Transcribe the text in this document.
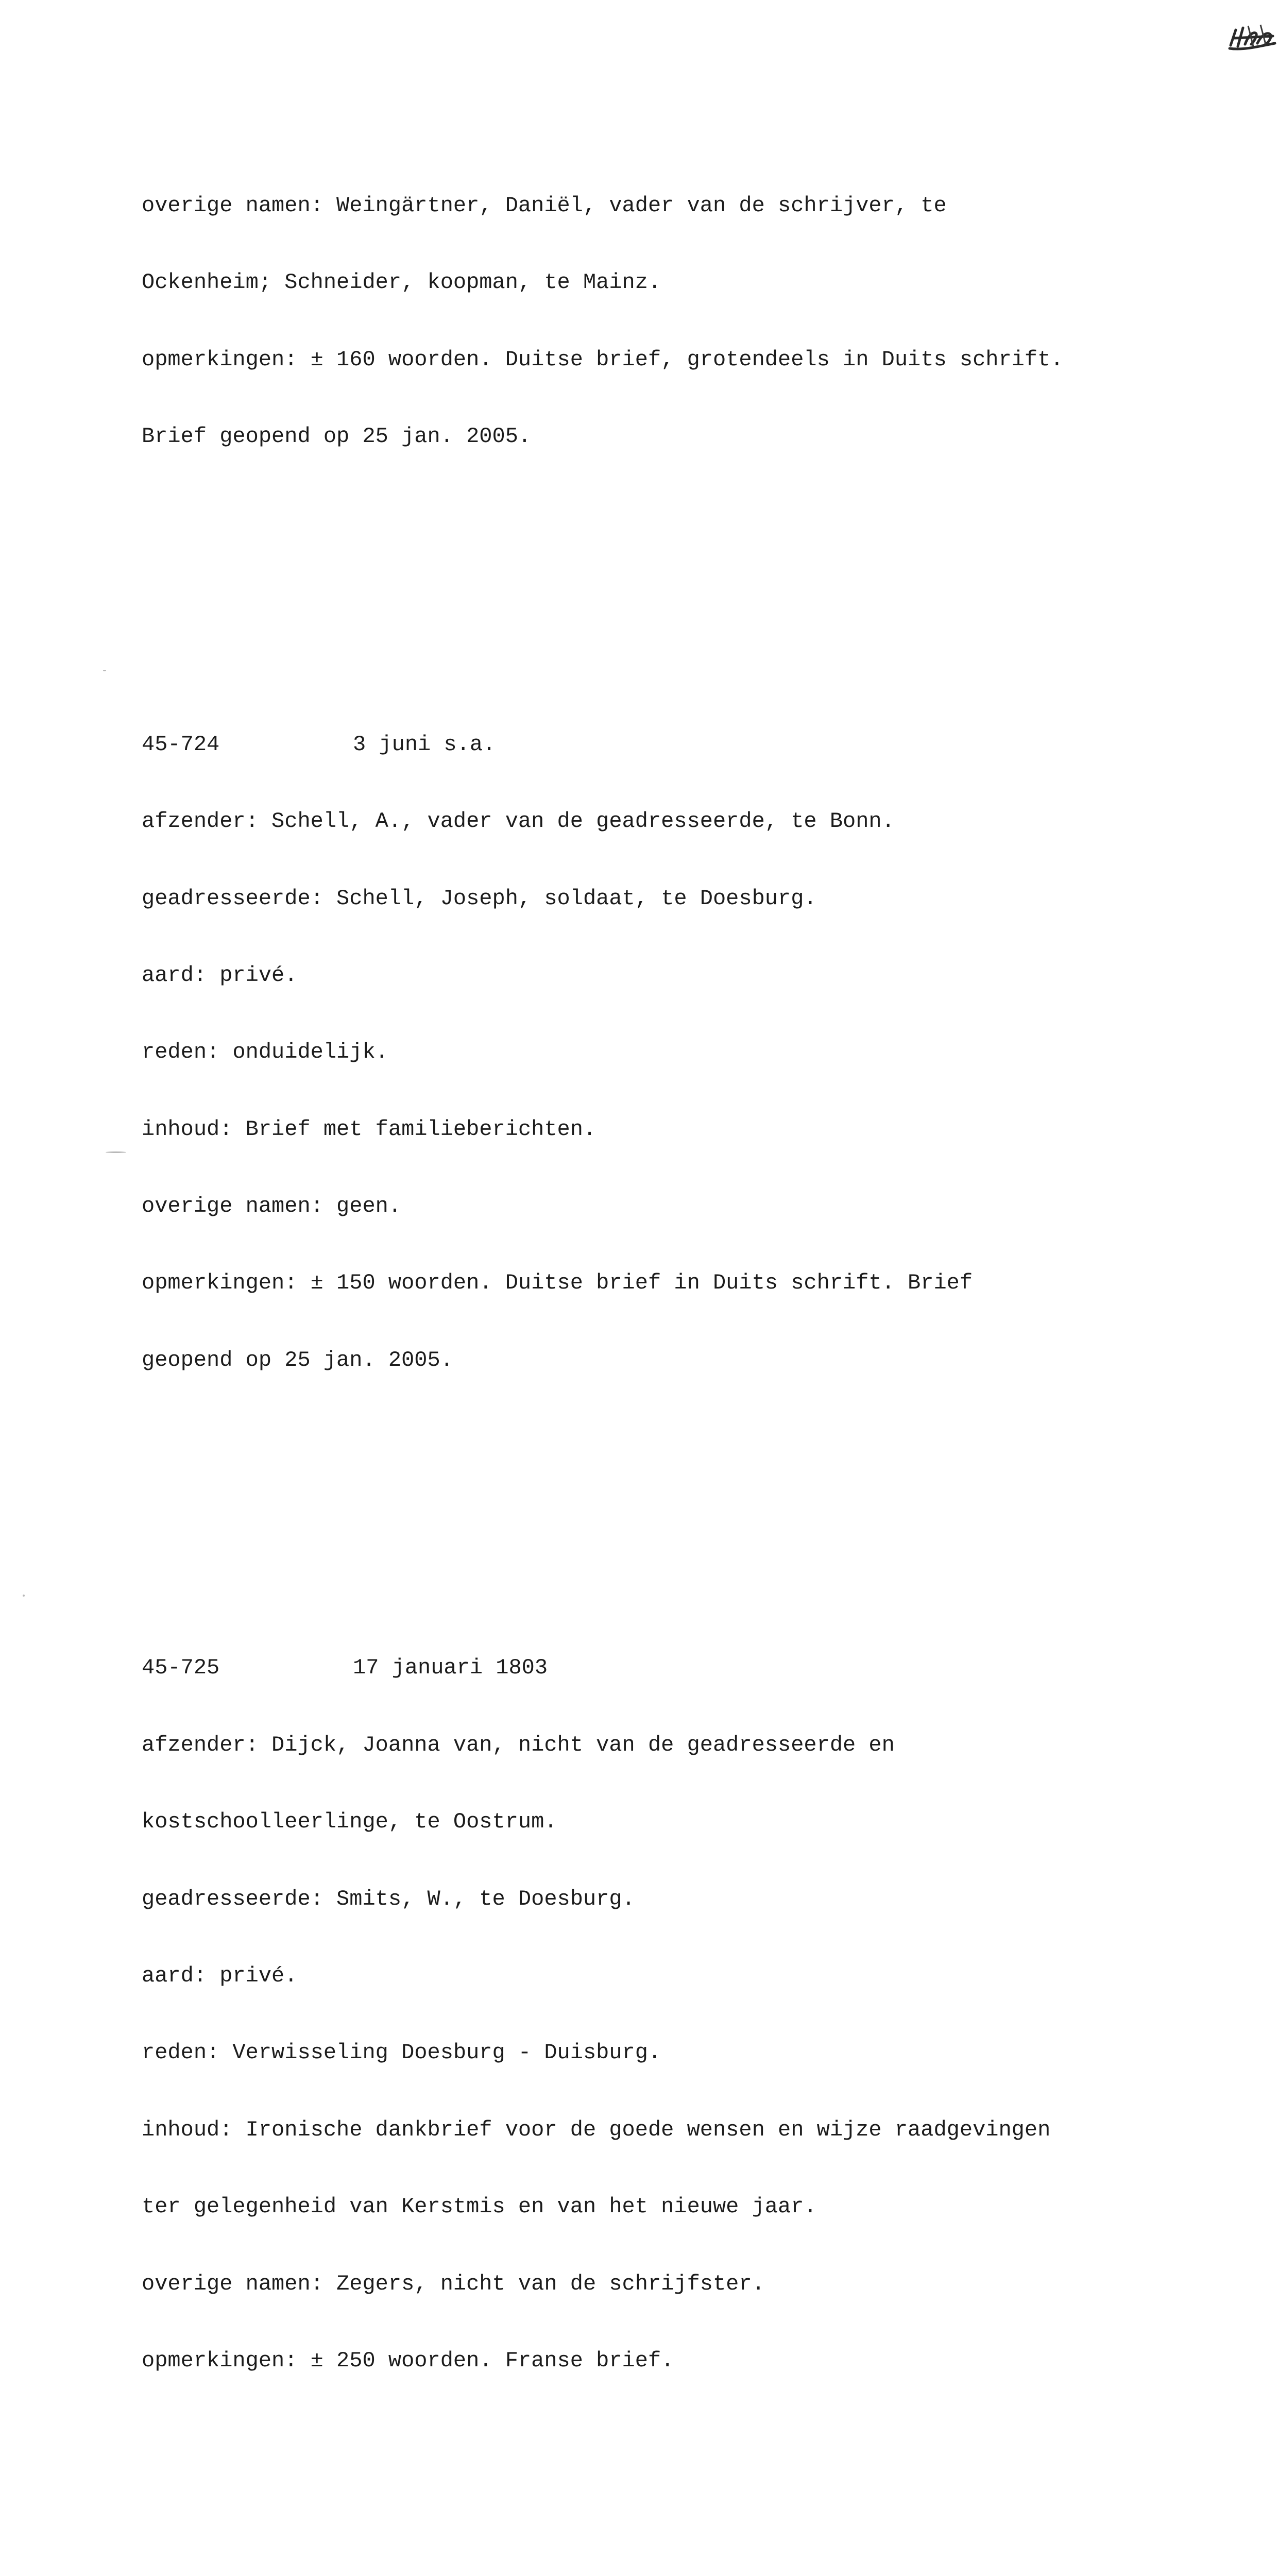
overige namen: Weingärtner, Daniël, vader van de schrijver, te

Ockenheim; Schneider, koopman, te Mainz.

opmerkingen: ± 160 woorden. Duitse brief, grotendeels in Duits schrift.

Brief geopend op 25 jan. 2005.

45-724	3 juni s.a.

afzender: Schell, A., vader van de geadresseerde, te Bonn.

geadresseerde: Schell, Joseph, soldaat, te Doesburg.

aard: privé.

reden: onduidelijk.

inhoud: Brief met familieberichten.

overige namen: geen.

opmerkingen: ± 150 woorden. Duitse brief in Duits schrift. Brief

geopend op 25 jan. 2005.

45-725	17 januari 1803

afzender: Dijck, Joanna van, nicht van de geadresseerde en

kostschoolleerlinge, te Oostrum.

geadresseerde: Smits, W., te Doesburg.

aard: privé.

reden: Verwisseling Doesburg - Duisburg.

inhoud: Ironische dankbrief voor de goede wensen en wijze raadgevingen

ter gelegenheid van Kerstmis en van het nieuwe jaar.

overige namen: Zegers, nicht van de schrijfster.

opmerkingen: ± 250 woorden. Franse brief.
